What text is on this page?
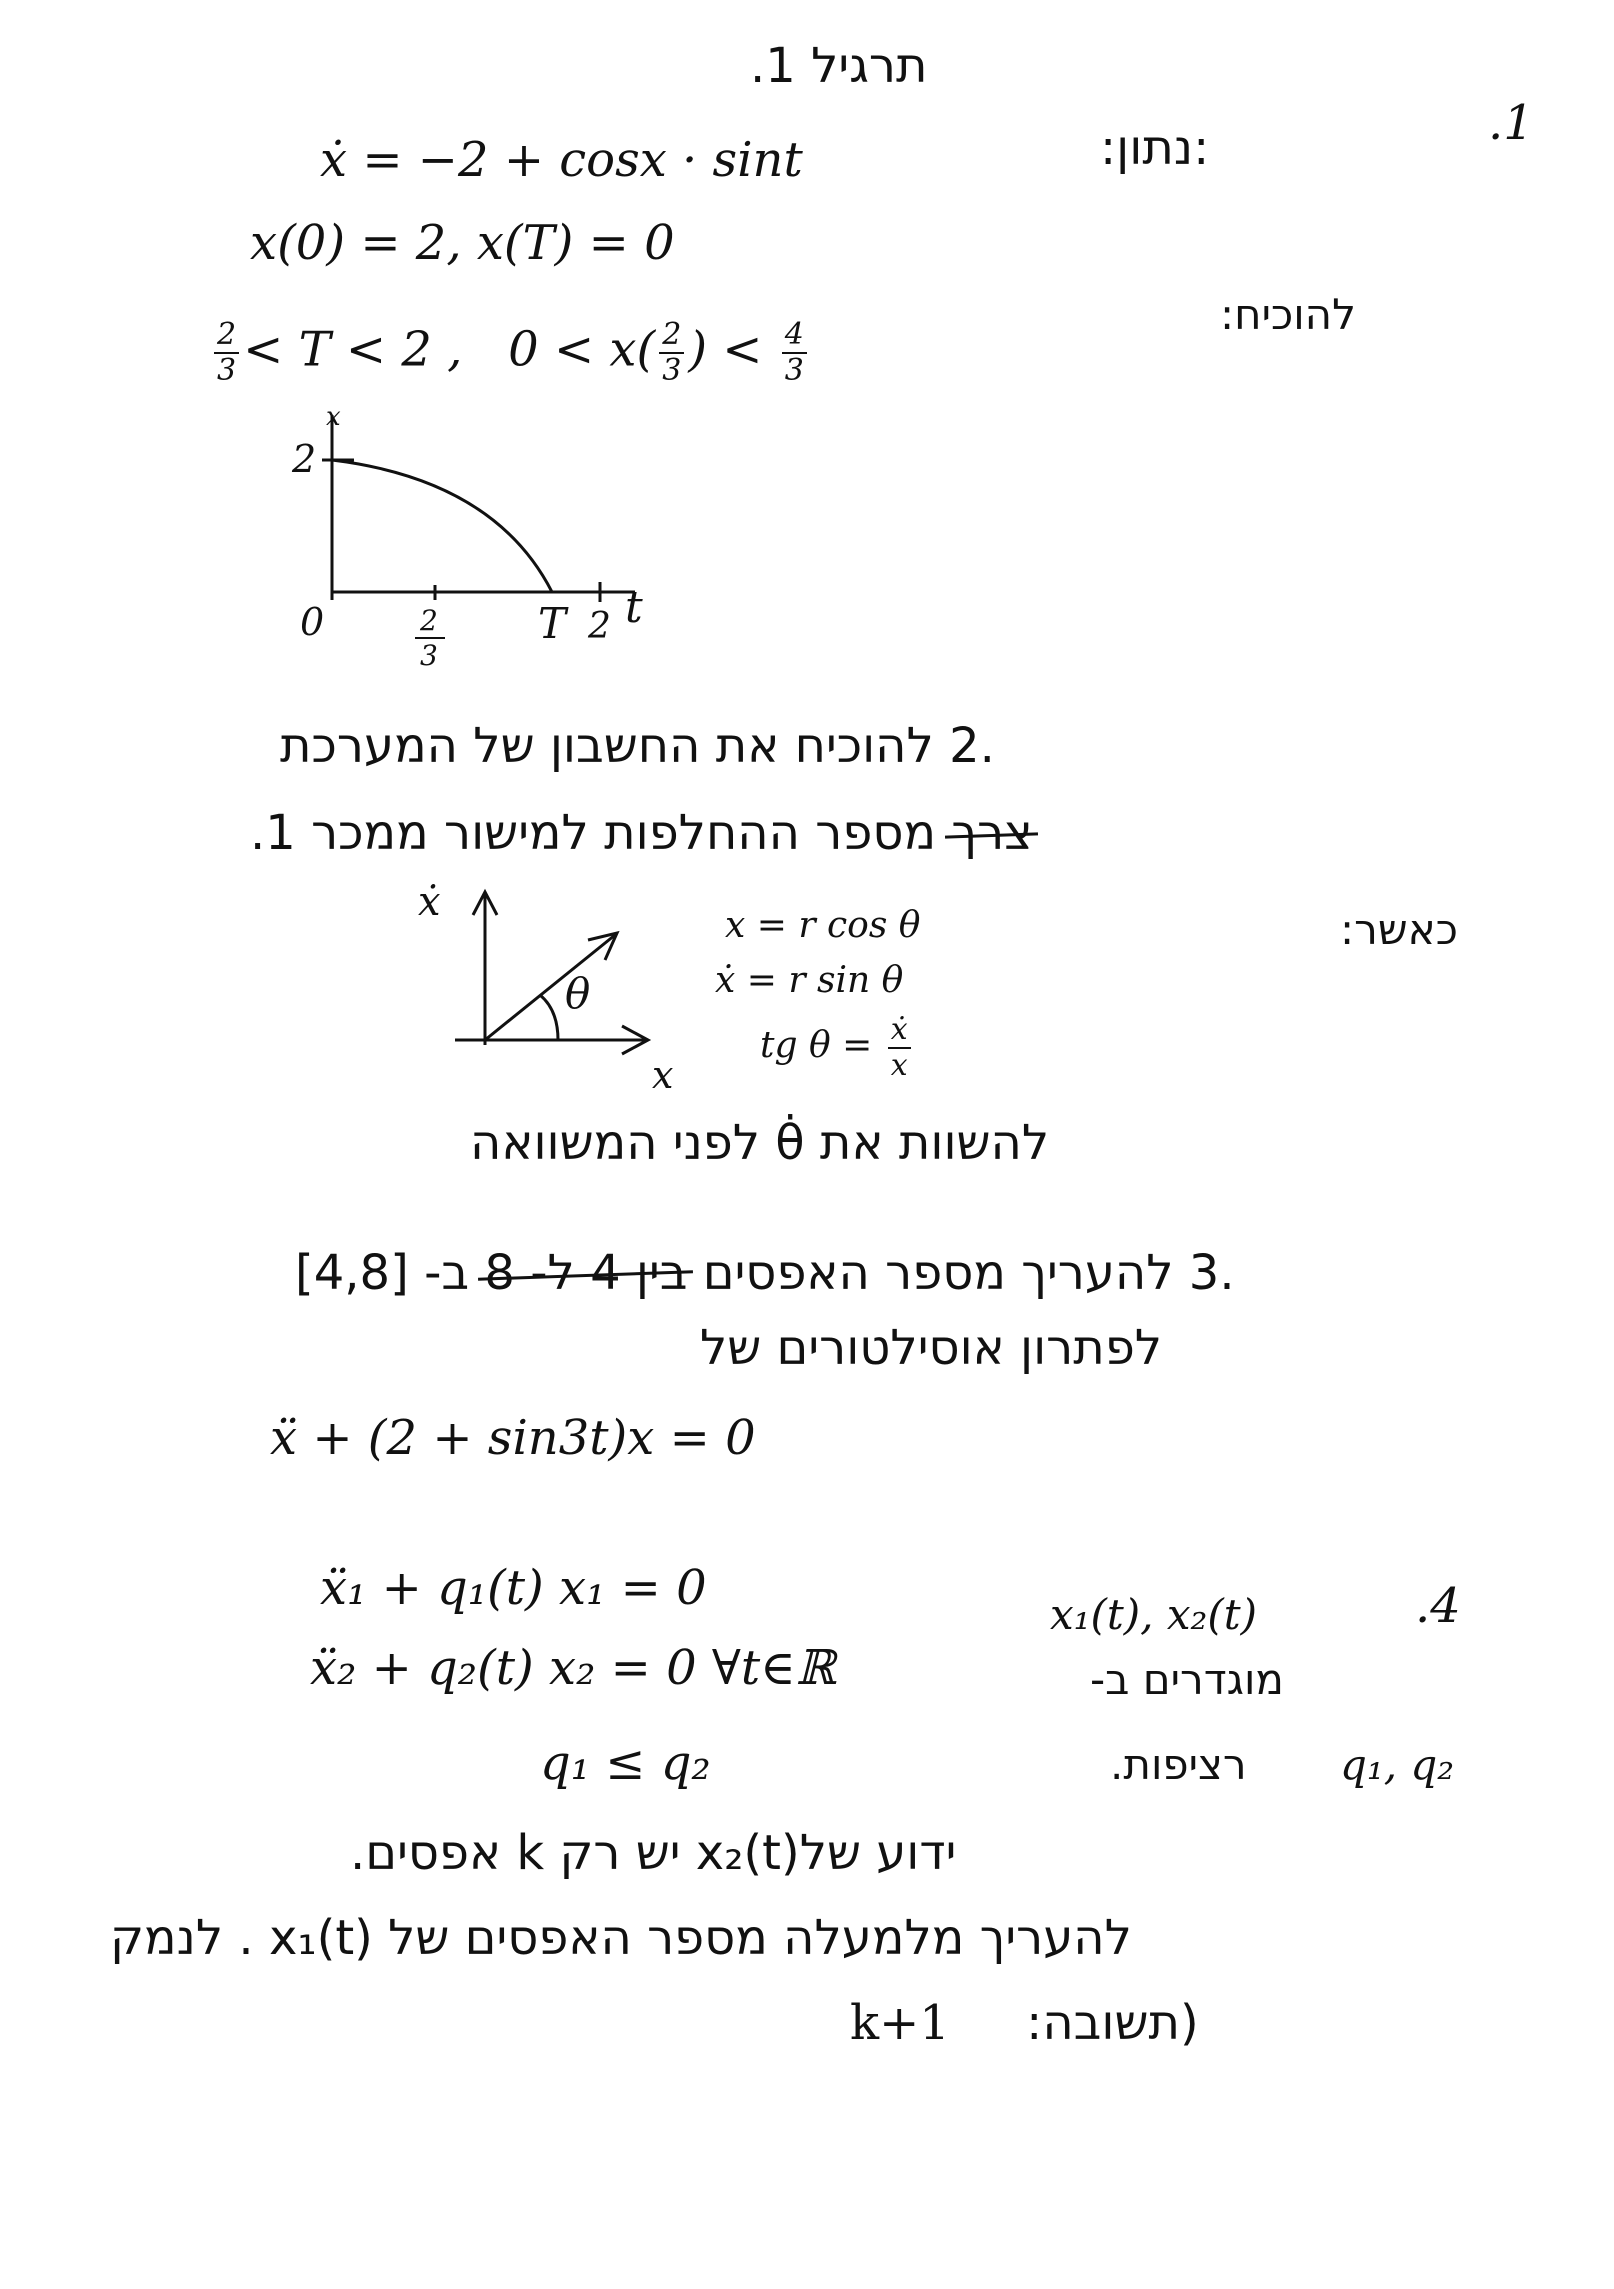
תרגיל 1.
.1
:נתון:
ẋ = −2 + cosx · sint
x(0) = 2, x(T) = 0
להוכיח:
$\frac{2}{3} < T < 2$ ,   $0 < x( \frac{2}{3}$ ) < $\frac{4}{3}$
x
2
0	2
3
T 2 t
.2 להוכיח את החשבון של המערכת
צרך מספר ההחלפות למישור ממכר 1.
כאשר:
ẋ
θ
x
x = r cos θ
ẋ = r sin θ
tg $\theta = \frac{\text{ẋ}}{x}$
להשוות את θ̇ לפני המשוואה
.3 להעריך מספר האפסים בין 4 ל- 8 ב- [4,8]
לפתרון אוסילטורים של
ẍ + (2 + sin3t)x = 0
ẍ₁ + q₁(t) x₁ = 0	x₁(t), x₂(t)	.4
ẍ₂ + q₂(t) x₂ = 0 ∀t∈ℝ	מוגדרים ב-
q₁, q₂
רציפות.
q₁ ≤ q₂
ידוע שלx₂(t) יש רק k אפסים.
להעריך מלמעלה מספר האפסים של x₁(t) . לנמק
(תשובה:     k+1
